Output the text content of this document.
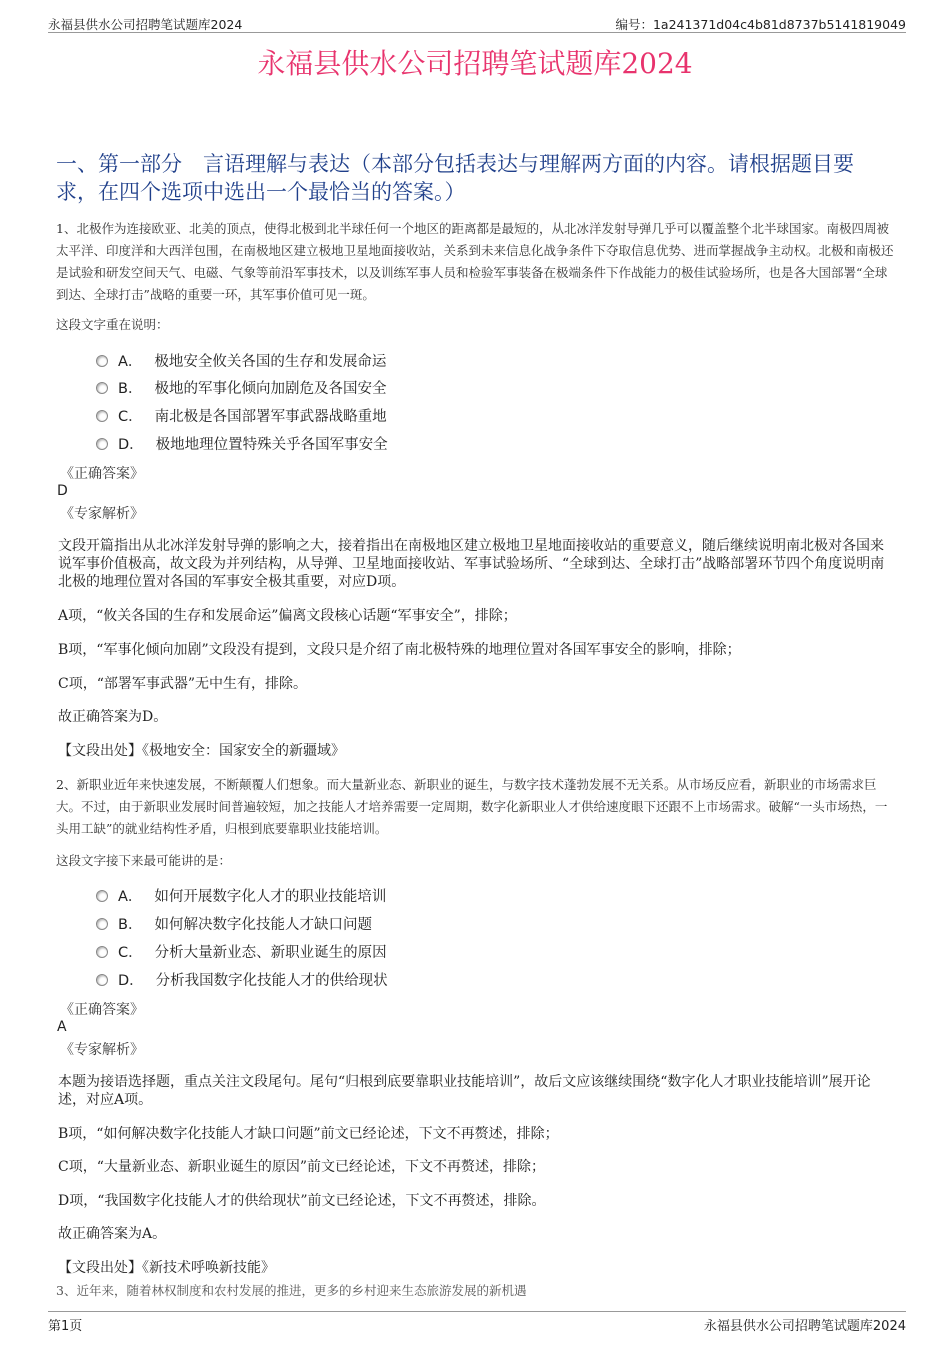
永福县供水公司招聘笔试题库2024	编号：1a241371d04c4b81d8737b5141819049
永福县供水公司招聘笔试题库2024
一、第一部分　言语理解与表达（本部分包括表达与理解两方面的内容。请根据题目要求，在四个选项中选出一个最恰当的答案。）
1、北极作为连接欧亚、北美的顶点，使得北极到北半球任何一个地区的距离都是最短的，从北冰洋发射导弹几乎可以覆盖整个北半球国家。南极四周被太平洋、印度洋和大西洋包围，在南极地区建立极地卫星地面接收站，关系到未来信息化战争条件下夺取信息优势、进而掌握战争主动权。北极和南极还是试验和研发空间天气、电磁、气象等前沿军事技术，以及训练军事人员和检验军事装备在极端条件下作战能力的极佳试验场所，也是各大国部署“全球到达、全球打击”战略的重要一环，其军事价值可见一斑。
这段文字重在说明：
A． 极地安全攸关各国的生存和发展命运
B． 极地的军事化倾向加剧危及各国安全
C． 南北极是各国部署军事武器战略重地
D． 极地地理位置特殊关乎各国军事安全
《正确答案》
D
《专家解析》
文段开篇指出从北冰洋发射导弹的影响之大，接着指出在南极地区建立极地卫星地面接收站的重要意义，随后继续说明南北极对各国来说军事价值极高，故文段为并列结构，从导弹、卫星地面接收站、军事试验场所、“全球到达、全球打击”战略部署环节四个角度说明南北极的地理位置对各国的军事安全极其重要，对应D项。
A项，“攸关各国的生存和发展命运”偏离文段核心话题“军事安全”，排除；
B项，“军事化倾向加剧”文段没有提到，文段只是介绍了南北极特殊的地理位置对各国军事安全的影响，排除；
C项，“部署军事武器”无中生有，排除。
故正确答案为D。
【文段出处】《极地安全：国家安全的新疆域》
2、新职业近年来快速发展，不断颠覆人们想象。而大量新业态、新职业的诞生，与数字技术蓬勃发展不无关系。从市场反应看，新职业的市场需求巨大。不过，由于新职业发展时间普遍较短，加之技能人才培养需要一定周期，数字化新职业人才供给速度眼下还跟不上市场需求。破解“一头市场热，一头用工缺”的就业结构性矛盾，归根到底要靠职业技能培训。
这段文字接下来最可能讲的是：
A． 如何开展数字化人才的职业技能培训
B． 如何解决数字化技能人才缺口问题
C． 分析大量新业态、新职业诞生的原因
D． 分析我国数字化技能人才的供给现状
《正确答案》
A
《专家解析》
本题为接语选择题，重点关注文段尾句。尾句“归根到底要靠职业技能培训”，故后文应该继续围绕“数字化人才职业技能培训”展开论述，对应A项。
B项，“如何解决数字化技能人才缺口问题”前文已经论述，下文不再赘述，排除；
C项，“大量新业态、新职业诞生的原因”前文已经论述，下文不再赘述，排除；
D项，“我国数字化技能人才的供给现状”前文已经论述，下文不再赘述，排除。
故正确答案为A。
【文段出处】《新技术呼唤新技能》
3、近年来，随着林权制度和农村发展的推进，更多的乡村迎来生态旅游发展的新机遇
第1页	永福县供水公司招聘笔试题库2024
